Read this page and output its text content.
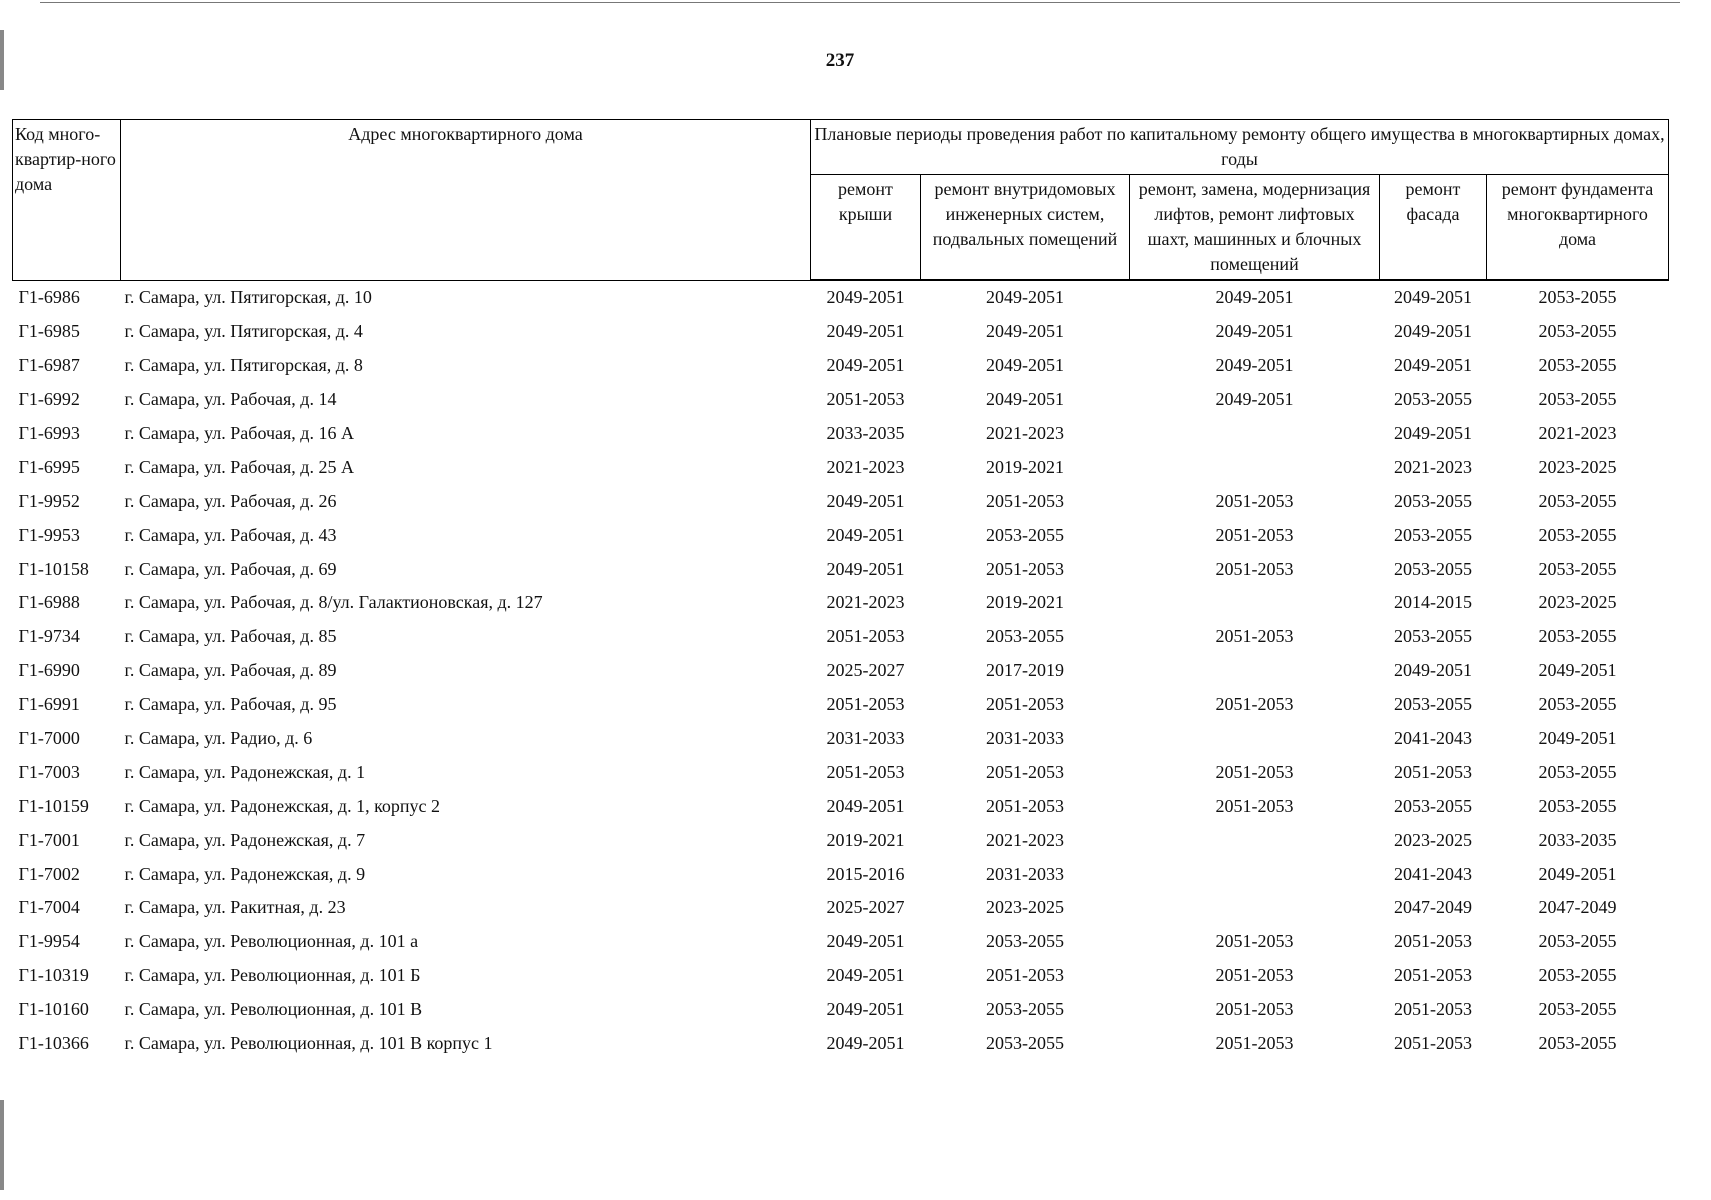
237
Код много-квартир-ного дома	Адрес многоквартирного дома	Плановые периоды проведения работ по капитальному ремонту общего имущества в многоквартирных домах, годы				
		ремонт крыши	ремонт внутридомовых инженерных систем, подвальных помещений	ремонт, замена, модернизация лифтов, ремонт лифтовых шахт, машинных и блочных помещений	ремонт фасада	ремонт фундамента многоквартирного дома
Г1-6986	г. Самара, ул. Пятигорская, д. 10	2049-2051	2049-2051	2049-2051	2049-2051	2053-2055
Г1-6985	г. Самара, ул. Пятигорская, д. 4	2049-2051	2049-2051	2049-2051	2049-2051	2053-2055
Г1-6987	г. Самара, ул. Пятигорская, д. 8	2049-2051	2049-2051	2049-2051	2049-2051	2053-2055
Г1-6992	г. Самара, ул. Рабочая, д. 14	2051-2053	2049-2051	2049-2051	2053-2055	2053-2055
Г1-6993	г. Самара, ул. Рабочая, д. 16 А	2033-2035	2021-2023		2049-2051	2021-2023
Г1-6995	г. Самара, ул. Рабочая, д. 25 А	2021-2023	2019-2021		2021-2023	2023-2025
Г1-9952	г. Самара, ул. Рабочая, д. 26	2049-2051	2051-2053	2051-2053	2053-2055	2053-2055
Г1-9953	г. Самара, ул. Рабочая, д. 43	2049-2051	2053-2055	2051-2053	2053-2055	2053-2055
Г1-10158	г. Самара, ул. Рабочая, д. 69	2049-2051	2051-2053	2051-2053	2053-2055	2053-2055
Г1-6988	г. Самара, ул. Рабочая, д. 8/ул. Галактионовская, д. 127	2021-2023	2019-2021		2014-2015	2023-2025
Г1-9734	г. Самара, ул. Рабочая, д. 85	2051-2053	2053-2055	2051-2053	2053-2055	2053-2055
Г1-6990	г. Самара, ул. Рабочая, д. 89	2025-2027	2017-2019		2049-2051	2049-2051
Г1-6991	г. Самара, ул. Рабочая, д. 95	2051-2053	2051-2053	2051-2053	2053-2055	2053-2055
Г1-7000	г. Самара, ул. Радио, д. 6	2031-2033	2031-2033		2041-2043	2049-2051
Г1-7003	г. Самара, ул. Радонежская, д. 1	2051-2053	2051-2053	2051-2053	2051-2053	2053-2055
Г1-10159	г. Самара, ул. Радонежская, д. 1, корпус 2	2049-2051	2051-2053	2051-2053	2053-2055	2053-2055
Г1-7001	г. Самара, ул. Радонежская, д. 7	2019-2021	2021-2023		2023-2025	2033-2035
Г1-7002	г. Самара, ул. Радонежская, д. 9	2015-2016	2031-2033		2041-2043	2049-2051
Г1-7004	г. Самара, ул. Ракитная, д. 23	2025-2027	2023-2025		2047-2049	2047-2049
Г1-9954	г. Самара, ул. Революционная, д. 101 а	2049-2051	2053-2055	2051-2053	2051-2053	2053-2055
Г1-10319	г. Самара, ул. Революционная, д. 101 Б	2049-2051	2051-2053	2051-2053	2051-2053	2053-2055
Г1-10160	г. Самара, ул. Революционная, д. 101 В	2049-2051	2053-2055	2051-2053	2051-2053	2053-2055
Г1-10366	г. Самара, ул. Революционная, д. 101 В корпус 1	2049-2051	2053-2055	2051-2053	2051-2053	2053-2055
